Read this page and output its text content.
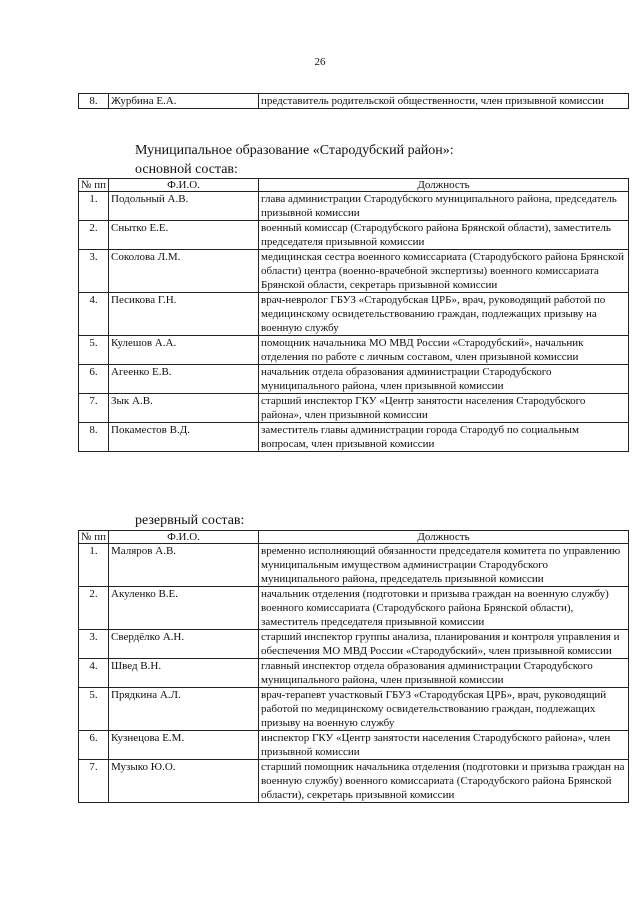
26
8.	Журбина Е.А.	представитель родительской общественности, член призывной комиссии
Муниципальное образование «Стародубский район»:
основной состав:
№ пп	Ф.И.О.	Должность
1.	Подольный А.В.	глава администрации Стародубского муниципального района, председатель призывной комиссии
2.	Снытко Е.Е.	военный комиссар (Стародубского района Брянской области), заместитель председателя призывной комиссии
3.	Соколова Л.М.	медицинская сестра военного комиссариата (Стародубского района Брянской области) центра (военно-врачебной экспертизы) военного комиссариата Брянской области, секретарь призывной комиссии
4.	Песикова Г.Н.	врач-невролог ГБУЗ «Стародубская ЦРБ», врач, руководящий работой по медицинскому освидетельствованию граждан, подлежащих призыву на военную службу
5.	Кулешов А.А.	помощник начальника МО МВД России «Стародубский», начальник отделения по работе с личным составом, член призывной комиссии
6.	Агеенко Е.В.	начальник отдела образования администрации Стародубского муниципального района, член призывной комиссии
7.	Зык А.В.	старший инспектор ГКУ «Центр занятости населения Стародубского района», член призывной комиссии
8.	Покаместов В.Д.	заместитель главы администрации города Стародуб по социальным вопросам, член призывной комиссии
резервный состав:
№ пп	Ф.И.О.	Должность
1.	Маляров А.В.	временно исполняющий обязанности председателя комитета по управлению муниципальным имуществом администрации Стародубского муниципального района, председатель призывной комиссии
2.	Акуленко В.Е.	начальник отделения (подготовки и призыва граждан на военную службу) военного комиссариата (Стародубского района Брянской области), заместитель председателя призывной комиссии
3.	Свердёлко А.Н.	старший инспектор группы анализа, планирования и контроля управления и обеспечения МО МВД России «Стародубский», член призывной комиссии
4.	Швед В.Н.	главный инспектор отдела образования администрации Стародубского муниципального района, член призывной комиссии
5.	Прядкина А.Л.	врач-терапевт участковый ГБУЗ «Стародубская ЦРБ», врач, руководящий работой по медицинскому освидетельствованию граждан, подлежащих призыву на военную службу
6.	Кузнецова Е.М.	инспектор ГКУ «Центр занятости населения Стародубского района», член призывной комиссии
7.	Музыко Ю.О.	старший помощник начальника отделения (подготовки и призыва граждан на военную службу) военного комиссариата (Стародубского района Брянской области), секретарь призывной комиссии
